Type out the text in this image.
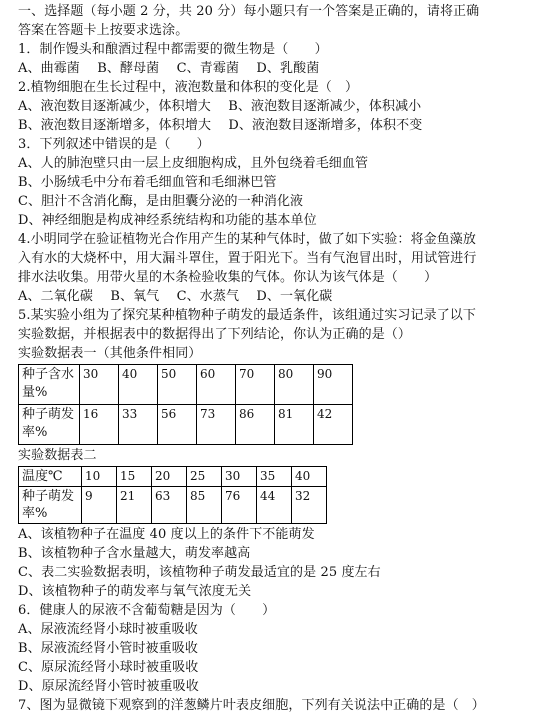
一、选择题（每小题 2 分，共 20 分）每小题只有一个答案是正确的，请将正确
答案在答题卡上按要求选涂。
1．制作馒头和酿酒过程中都需要的微生物是（　　）
A、曲霉菌　 B、酵母菌　 C、青霉菌　 D、乳酸菌
2.植物细胞在生长过程中，液泡数量和体积的变化是（　）
A、液泡数目逐渐减少，体积增大　 B、液泡数目逐渐减少，体积减小
B、液泡数目逐渐增多，体积增大　 D、液泡数目逐渐增多，体积不变
3．下列叙述中错误的是（　　）
A、人的肺泡壁只由一层上皮细胞构成，且外包绕着毛细血管
B、小肠绒毛中分布着毛细血管和毛细淋巴管
C、胆汁不含消化酶，是由胆囊分泌的一种消化液
D、神经细胞是构成神经系统结构和功能的基本单位
4.小明同学在验证植物光合作用产生的某种气体时，做了如下实验：将金鱼藻放
入有水的大烧杯中，用大漏斗罩住，置于阳光下。当有气泡冒出时，用试管进行
排水法收集。用带火星的木条检验收集的气体。你认为该气体是（　　）
A、二氧化碳　 B、氧气　 C、水蒸气　 D、一氧化碳
5.某实验小组为了探究某种植物种子萌发的最适条件，该组通过实习记录了以下
实验数据，并根据表中的数据得出了下列结论，你认为正确的是（）
实验数据表一（其他条件相同）
种子含水量%	30	40	50	60	70	80	90
种子萌发率%	16	33	56	73	86	81	42
实验数据表二
温度℃	10	15	20	25	30	35	40
种子萌发率%	9	21	63	85	76	44	32
A、该植物种子在温度 40 度以上的条件下不能萌发
B、该植物种子含水量越大，萌发率越高
C、表二实验数据表明，该植物种子萌发最适宜的是 25 度左右
D、该植物种子的萌发率与氧气浓度无关
6．健康人的尿液不含葡萄糖是因为（　　）
A、尿液流经肾小球时被重吸收
B、尿液流经肾小管时被重吸收
C、原尿流经肾小球时被重吸收
D、原尿流经肾小管时被重吸收
7、图为显微镜下观察到的洋葱鳞片叶表皮细胞，下列有关说法中正确的是（　）
